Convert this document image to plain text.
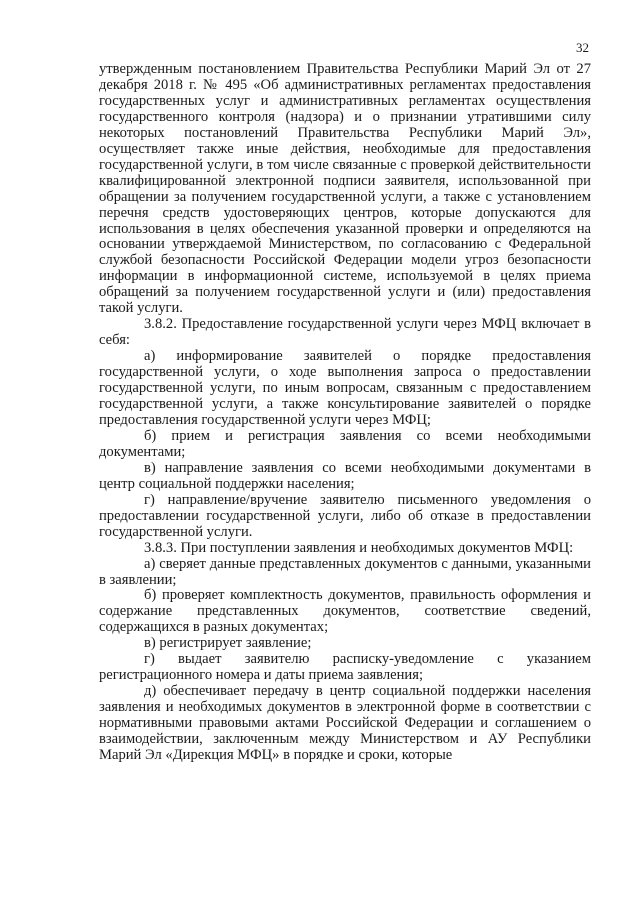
32

утвержденным постановлением Правительства Республики Марий Эл от 27 декабря 2018 г. № 495 «Об административных регламентах предоставления государственных услуг и административных регламентах осуществления государственного контроля (надзора) и о признании утратившими силу некоторых постановлений Правительства Республики Марий Эл», осуществляет также иные действия, необходимые для предоставления государственной услуги, в том числе связанные с проверкой действительности квалифицированной электронной подписи заявителя, использованной при обращении за получением государственной услуги, а также с установлением перечня средств удостоверяющих центров, которые допускаются для использования в целях обеспечения указанной проверки и определяются на основании утверждаемой Министерством, по согласованию с Федеральной службой безопасности Российской Федерации модели угроз безопасности информации в информационной системе, используемой в целях приема обращений за получением государственной услуги и (или) предоставления такой услуги.

3.8.2. Предоставление государственной услуги через МФЦ включает в себя:

а) информирование заявителей о порядке предоставления государственной услуги, о ходе выполнения запроса о предоставлении государственной услуги, по иным вопросам, связанным с предоставлением государственной услуги, а также консультирование заявителей о порядке предоставления государственной услуги через МФЦ;

б) прием и регистрация заявления со всеми необходимыми документами;

в) направление заявления со всеми необходимыми документами в центр социальной поддержки населения;

г) направление/вручение заявителю письменного уведомления о предоставлении государственной услуги, либо об отказе в предоставлении государственной услуги.

3.8.3. При поступлении заявления и необходимых документов МФЦ:

а) сверяет данные представленных документов с данными, указанными в заявлении;

б) проверяет комплектность документов, правильность оформления и содержание представленных документов, соответствие сведений, содержащихся в разных документах;

в) регистрирует заявление;

г) выдает заявителю расписку-уведомление с указанием регистрационного номера и даты приема заявления;

д) обеспечивает передачу в центр социальной поддержки населения заявления и необходимых документов в электронной форме в соответствии с нормативными правовыми актами Российской Федерации и соглашением о взаимодействии, заключенным между Министерством и АУ Республики Марий Эл «Дирекция МФЦ» в порядке и сроки, которые
